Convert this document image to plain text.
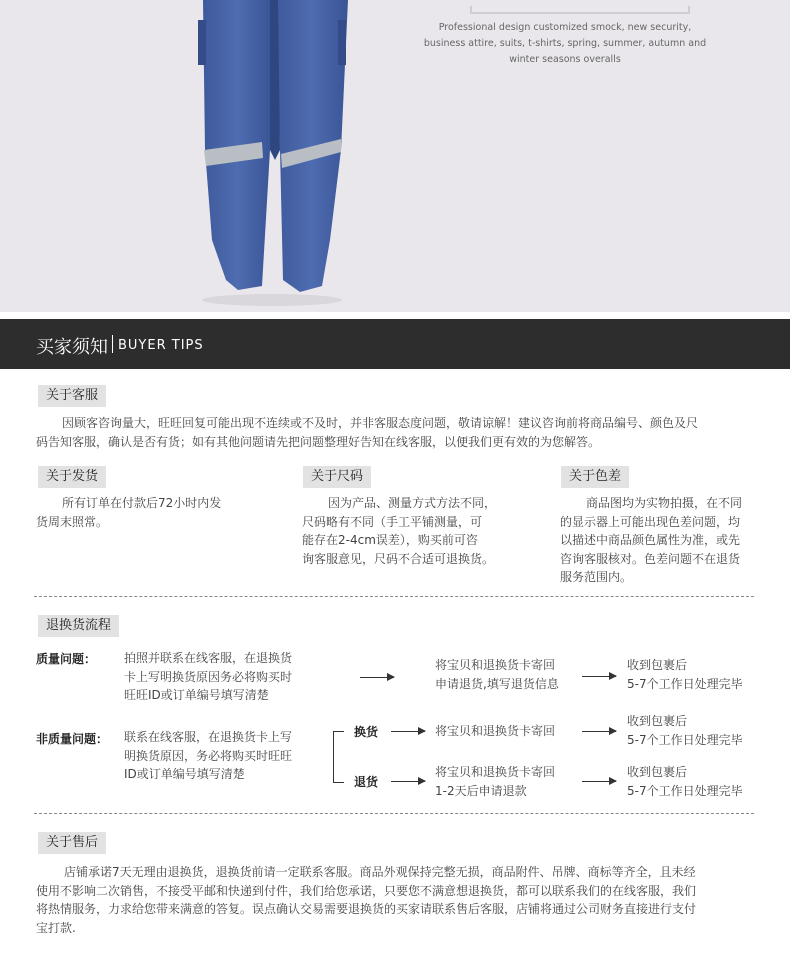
Professional design customized smock, new security,
business attire, suits, t-shirts, spring, summer, autumn and
winter seasons overalls
买家须知 BUYER TIPS
关于客服
因顾客咨询量大，旺旺回复可能出现不连续或不及时，并非客服态度问题，敬请谅解！建议咨询前将商品编号、颜色及尺
码告知客服，确认是否有货；如有其他问题请先把问题整理好告知在线客服，以便我们更有效的为您解答。
关于发货
所有订单在付款后72小时内发
货周末照常。
关于尺码
因为产品、测量方式方法不同，
尺码略有不同（手工平铺测量，可
能存在2-4cm误差），购买前可咨
询客服意见，尺码不合适可退换货。
关于色差
商品图均为实物拍摄，在不同
的显示器上可能出现色差问题，均
以描述中商品颜色属性为准，或先
咨询客服核对。色差问题不在退货
服务范围内。
退换货流程
质量问题： 拍照并联系在线客服，在退换货
卡上写明换货原因务必将购买时
旺旺ID或订单编号填写清楚
将宝贝和退换货卡寄回
申请退货,填写退货信息
收到包裹后
5-7个工作日处理完毕
非质量问题： 联系在线客服，在退换货卡上写
明换货原因，务必将购买时旺旺
ID或订单编号填写清楚
换货	将宝贝和退换货卡寄回
收到包裹后
5-7个工作日处理完毕
退货
将宝贝和退换货卡寄回
1-2天后申请退款
收到包裹后
5-7个工作日处理完毕
关于售后
店铺承诺7天无理由退换货，退换货前请一定联系客服。商品外观保持完整无损，商品附件、吊牌、商标等齐全，且未经
使用不影响二次销售，不接受平邮和快递到付件，我们给您承诺，只要您不满意想退换货，都可以联系我们的在线客服，我们
将热情服务，力求给您带来满意的答复。误点确认交易需要退换货的买家请联系售后客服，店铺将通过公司财务直接进行支付
宝打款.
